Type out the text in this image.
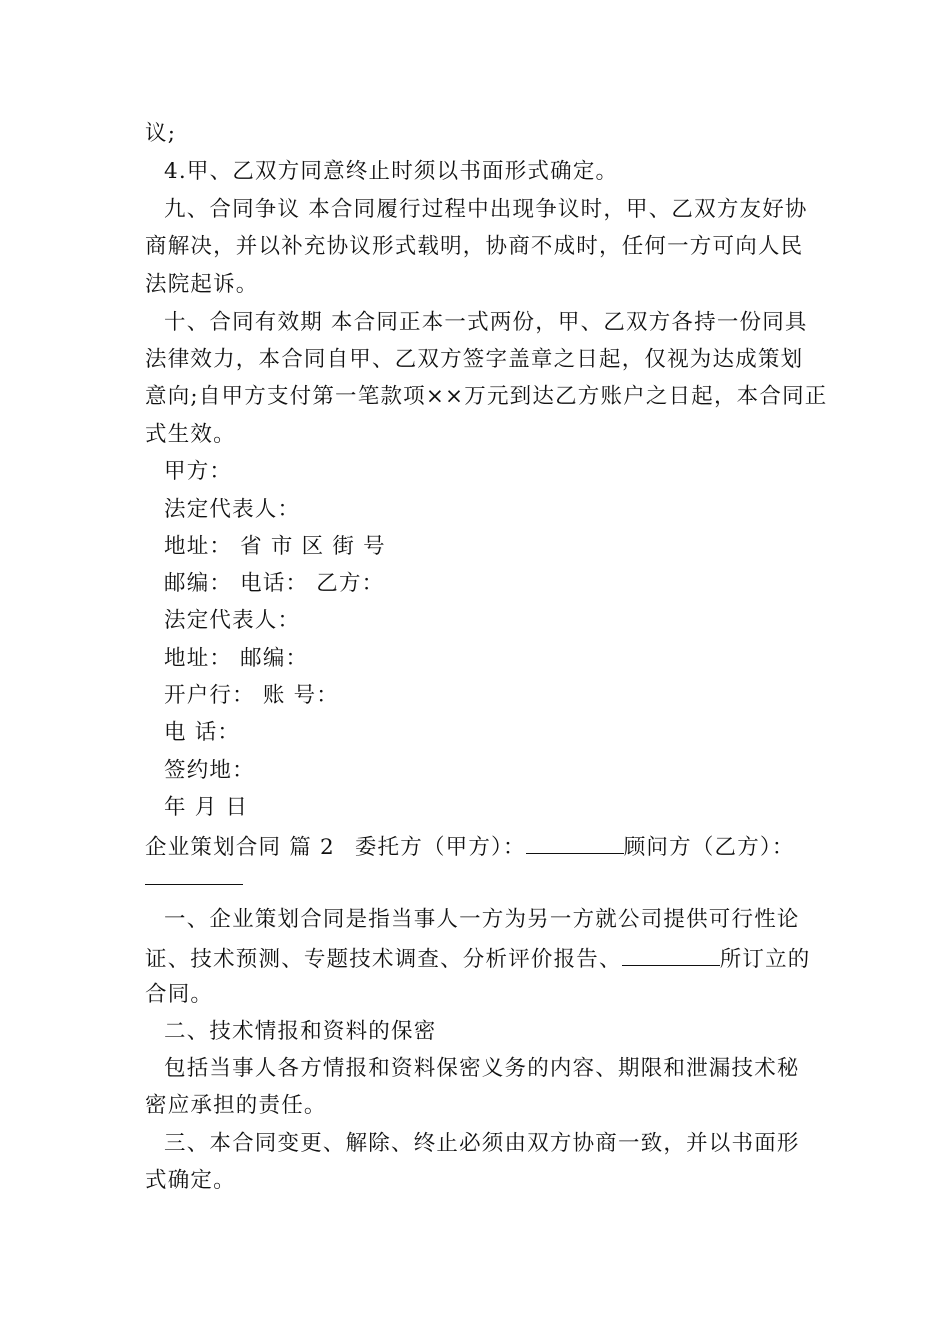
议;
4.甲、乙双方同意终止时须以书面形式确定。
九、合同争议 本合同履行过程中出现争议时，甲、乙双方友好协
商解决，并以补充协议形式载明，协商不成时，任何一方可向人民
法院起诉。
十、合同有效期 本合同正本一式两份，甲、乙双方各持一份同具
法律效力，本合同自甲、乙双方签字盖章之日起，仅视为达成策划
意向;自甲方支付第一笔款项××万元到达乙方账户之日起，本合同正
式生效。
甲方：
法定代表人：
地址： 省 市 区 街 号
邮编： 电话： 乙方：
法定代表人：
地址： 邮编：
开户行： 账 号：
电 话：
签约地：
年 月 日
企业策划合同 篇 2 委托方（甲方）：	顾问方（乙方）：
一、企业策划合同是指当事人一方为另一方就公司提供可行性论
证、技术预测、专题技术调查、分析评价报告、	所订立的
合同。
二、技术情报和资料的保密
包括当事人各方情报和资料保密义务的内容、期限和泄漏技术秘
密应承担的责任。
三、本合同变更、解除、终止必须由双方协商一致，并以书面形
式确定。
